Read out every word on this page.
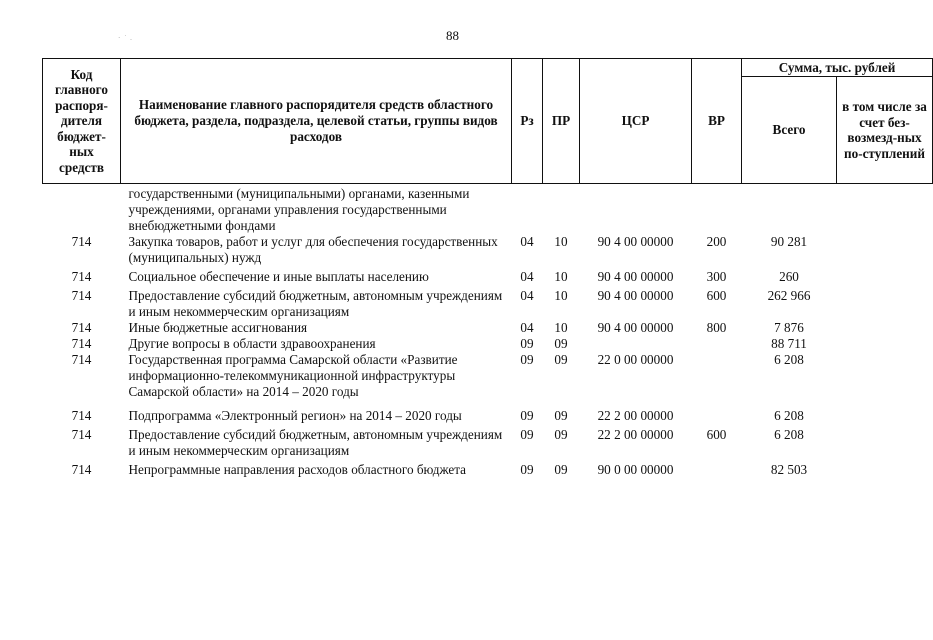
88
· ˙ .
Код главного распоря-дителя бюджет-ных средств	Наименование главного распорядителя средств областного бюджета, раздела, подраздела, целевой статьи, группы видов расходов	Рз	ПР	ЦСР	ВР	Сумма, тыс. рублей	
						Всего	в том числе за счет без-возмезд-ных по-ступлений
	государственными (муниципальными) органами, казенными учреждениями, органами управления государственными внебюджетными фондами						
714	Закупка товаров, работ и услуг для обеспечения государственных (муниципальных) нужд	04	10	90 4 00 00000	200	90 281	
714	Социальное обеспечение и иные выплаты населению	04	10	90 4 00 00000	300	260	
714	Предоставление субсидий бюджетным, автономным учреждениям и иным некоммерческим организациям	04	10	90 4 00 00000	600	262 966	
714	Иные бюджетные ассигнования	04	10	90 4 00 00000	800	7 876	
714	Другие вопросы в области здравоохранения	09	09			88 711	
714	Государственная программа Самарской области «Развитие информационно-телекоммуникационной инфраструктуры Самарской области» на 2014 – 2020 годы	09	09	22 0 00 00000		6 208	
714	Подпрограмма «Электронный регион» на 2014 – 2020 годы	09	09	22 2 00 00000		6 208	
714	Предоставление субсидий бюджетным, автономным учреждениям и иным некоммерческим организациям	09	09	22 2 00 00000	600	6 208	
714	Непрограммные направления расходов областного бюджета	09	09	90 0 00 00000		82 503	
